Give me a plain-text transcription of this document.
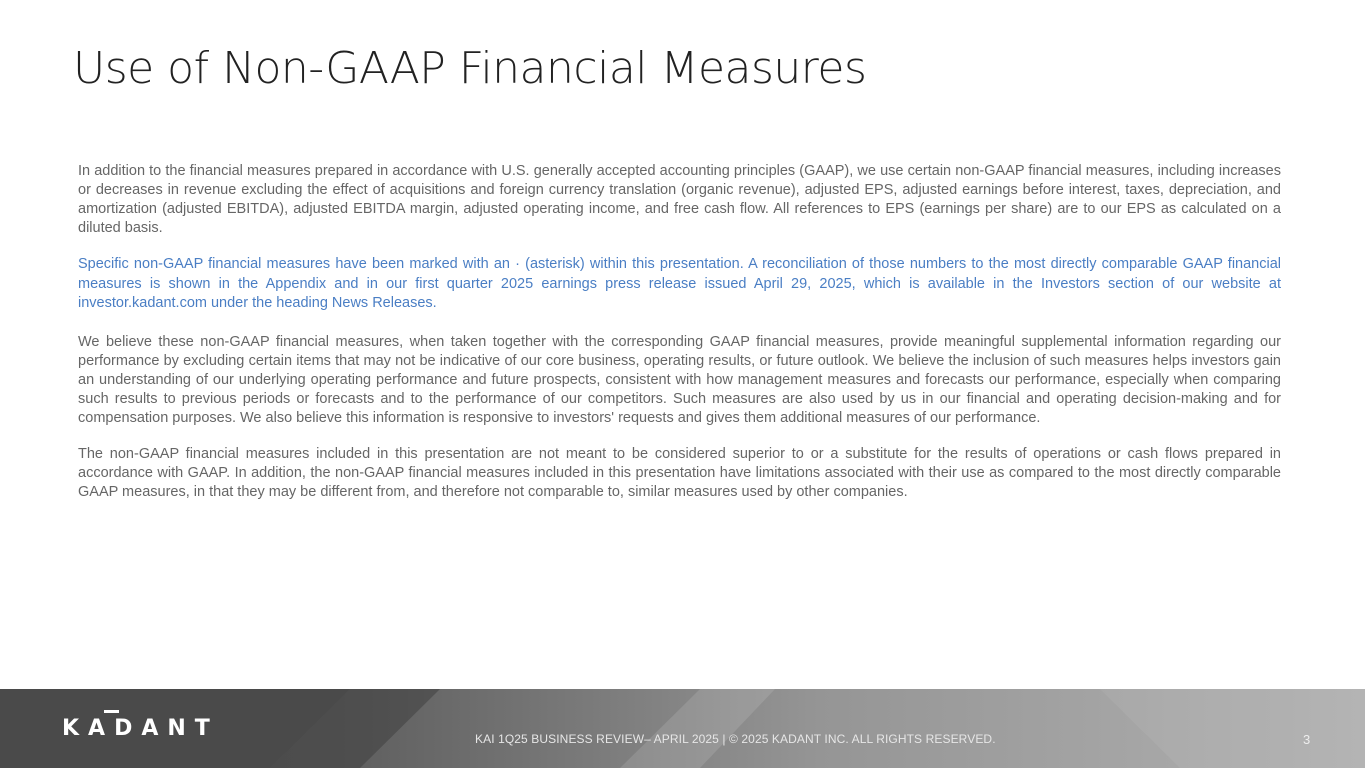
Use of Non-GAAP Financial Measures

In addition to the financial measures prepared in accordance with U.S. generally accepted accounting principles (GAAP), we use certain non-GAAP financial measures, including increases or decreases in revenue excluding the effect of acquisitions and foreign currency translation (organic revenue), adjusted EPS, adjusted earnings before interest, taxes, depreciation, and amortization (adjusted EBITDA), adjusted EBITDA margin, adjusted operating income, and free cash flow. All references to EPS (earnings per share) are to our EPS as calculated on a diluted basis.

Specific non-GAAP financial measures have been marked with an · (asterisk) within this presentation. A reconciliation of those numbers to the most directly comparable GAAP financial measures is shown in the Appendix and in our first quarter 2025 earnings press release issued April 29, 2025, which is available in the Investors section of our website at investor.kadant.com under the heading News Releases.

We believe these non-GAAP financial measures, when taken together with the corresponding GAAP financial measures, provide meaningful supplemental information regarding our performance by excluding certain items that may not be indicative of our core business, operating results, or future outlook. We believe the inclusion of such measures helps investors gain an understanding of our underlying operating performance and future prospects, consistent with how management measures and forecasts our performance, especially when comparing such results to previous periods or forecasts and to the performance of our competitors. Such measures are also used by us in our financial and operating decision-making and for compensation purposes. We also believe this information is responsive to investors' requests and gives them additional measures of our performance.

The non-GAAP financial measures included in this presentation are not meant to be considered superior to or a substitute for the results of operations or cash flows prepared in accordance with GAAP. In addition, the non-GAAP financial measures included in this presentation have limitations associated with their use as compared to the most directly comparable GAAP measures, in that they may be different from, and therefore not comparable to, similar measures used by other companies.

KADANT	KAI 1Q25 BUSINESS REVIEW– APRIL 2025 | © 2025 KADANT INC. ALL RIGHTS RESERVED.	3
